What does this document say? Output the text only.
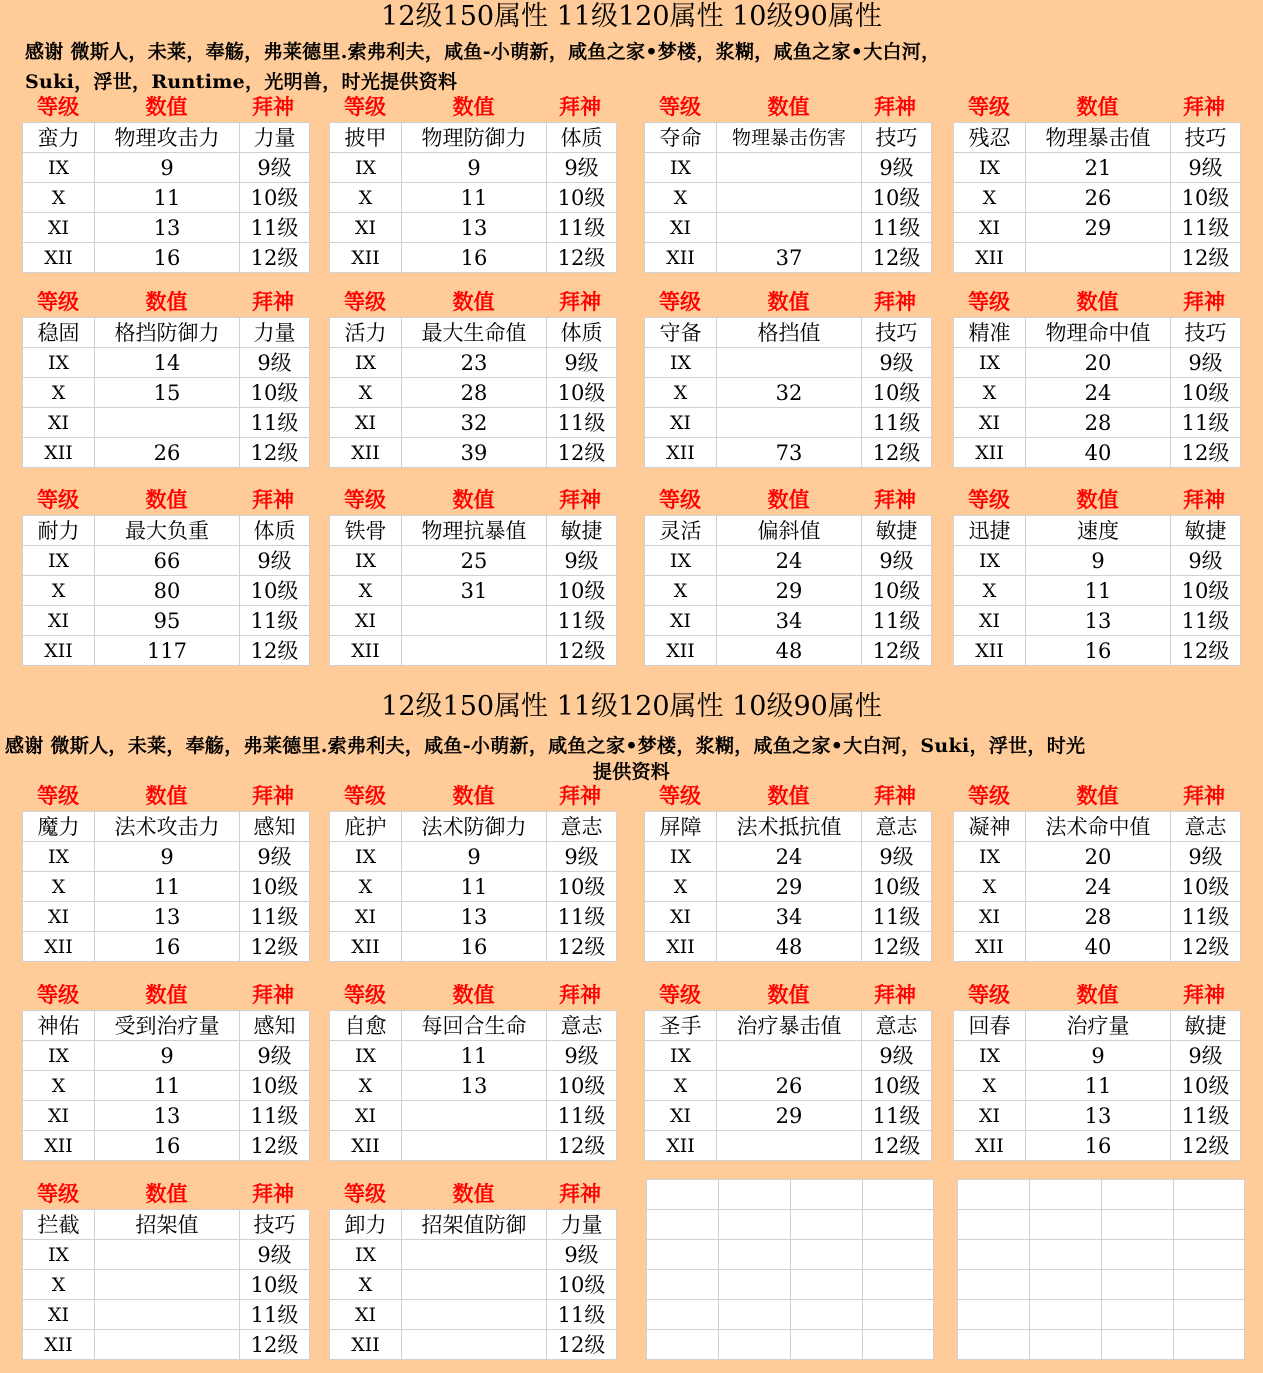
12级150属性 11级120属性 10级90属性
感谢 微斯人，未莱，奉觞，弗莱德里.索弗利夫，咸鱼-小萌新，咸鱼之家•梦楼，浆糊，咸鱼之家•大白河，
Suki，浮世，Runtime，光明兽，时光提供资料
等级	数值	拜神
蛮力	物理攻击力	力量
IX	9	9级
X	11	10级
XI	13	11级
XII	16	12级
等级	数值	拜神
披甲	物理防御力	体质
IX	9	9级
X	11	10级
XI	13	11级
XII	16	12级
等级	数值	拜神
夺命	物理暴击伤害	技巧
IX		9级
X		10级
XI		11级
XII	37	12级
等级	数值	拜神
残忍	物理暴击值	技巧
IX	21	9级
X	26	10级
XI	29	11级
XII		12级
等级	数值	拜神
稳固	格挡防御力	力量
IX	14	9级
X	15	10级
XI		11级
XII	26	12级
等级	数值	拜神
活力	最大生命值	体质
IX	23	9级
X	28	10级
XI	32	11级
XII	39	12级
等级	数值	拜神
守备	格挡值	技巧
IX		9级
X	32	10级
XI		11级
XII	73	12级
等级	数值	拜神
精准	物理命中值	技巧
IX	20	9级
X	24	10级
XI	28	11级
XII	40	12级
等级	数值	拜神
耐力	最大负重	体质
IX	66	9级
X	80	10级
XI	95	11级
XII	117	12级
等级	数值	拜神
铁骨	物理抗暴值	敏捷
IX	25	9级
X	31	10级
XI		11级
XII		12级
等级	数值	拜神
灵活	偏斜值	敏捷
IX	24	9级
X	29	10级
XI	34	11级
XII	48	12级
等级	数值	拜神
迅捷	速度	敏捷
IX	9	9级
X	11	10级
XI	13	11级
XII	16	12级
12级150属性 11级120属性 10级90属性
感谢 微斯人，未莱，奉觞，弗莱德里.索弗利夫，咸鱼-小萌新，咸鱼之家•梦楼，浆糊，咸鱼之家•大白河，Suki，浮世，时光
提供资料
等级	数值	拜神
魔力	法术攻击力	感知
IX	9	9级
X	11	10级
XI	13	11级
XII	16	12级
等级	数值	拜神
庇护	法术防御力	意志
IX	9	9级
X	11	10级
XI	13	11级
XII	16	12级
等级	数值	拜神
屏障	法术抵抗值	意志
IX	24	9级
X	29	10级
XI	34	11级
XII	48	12级
等级	数值	拜神
凝神	法术命中值	意志
IX	20	9级
X	24	10级
XI	28	11级
XII	40	12级
等级	数值	拜神
神佑	受到治疗量	感知
IX	9	9级
X	11	10级
XI	13	11级
XII	16	12级
等级	数值	拜神
自愈	每回合生命	意志
IX	11	9级
X	13	10级
XI		11级
XII		12级
等级	数值	拜神
圣手	治疗暴击值	意志
IX		9级
X	26	10级
XI	29	11级
XII		12级
等级	数值	拜神
回春	治疗量	敏捷
IX	9	9级
X	11	10级
XI	13	11级
XII	16	12级
等级	数值	拜神
拦截	招架值	技巧
IX		9级
X		10级
XI		11级
XII		12级
等级	数值	拜神
卸力	招架值防御	力量
IX		9级
X		10级
XI		11级
XII		12级
